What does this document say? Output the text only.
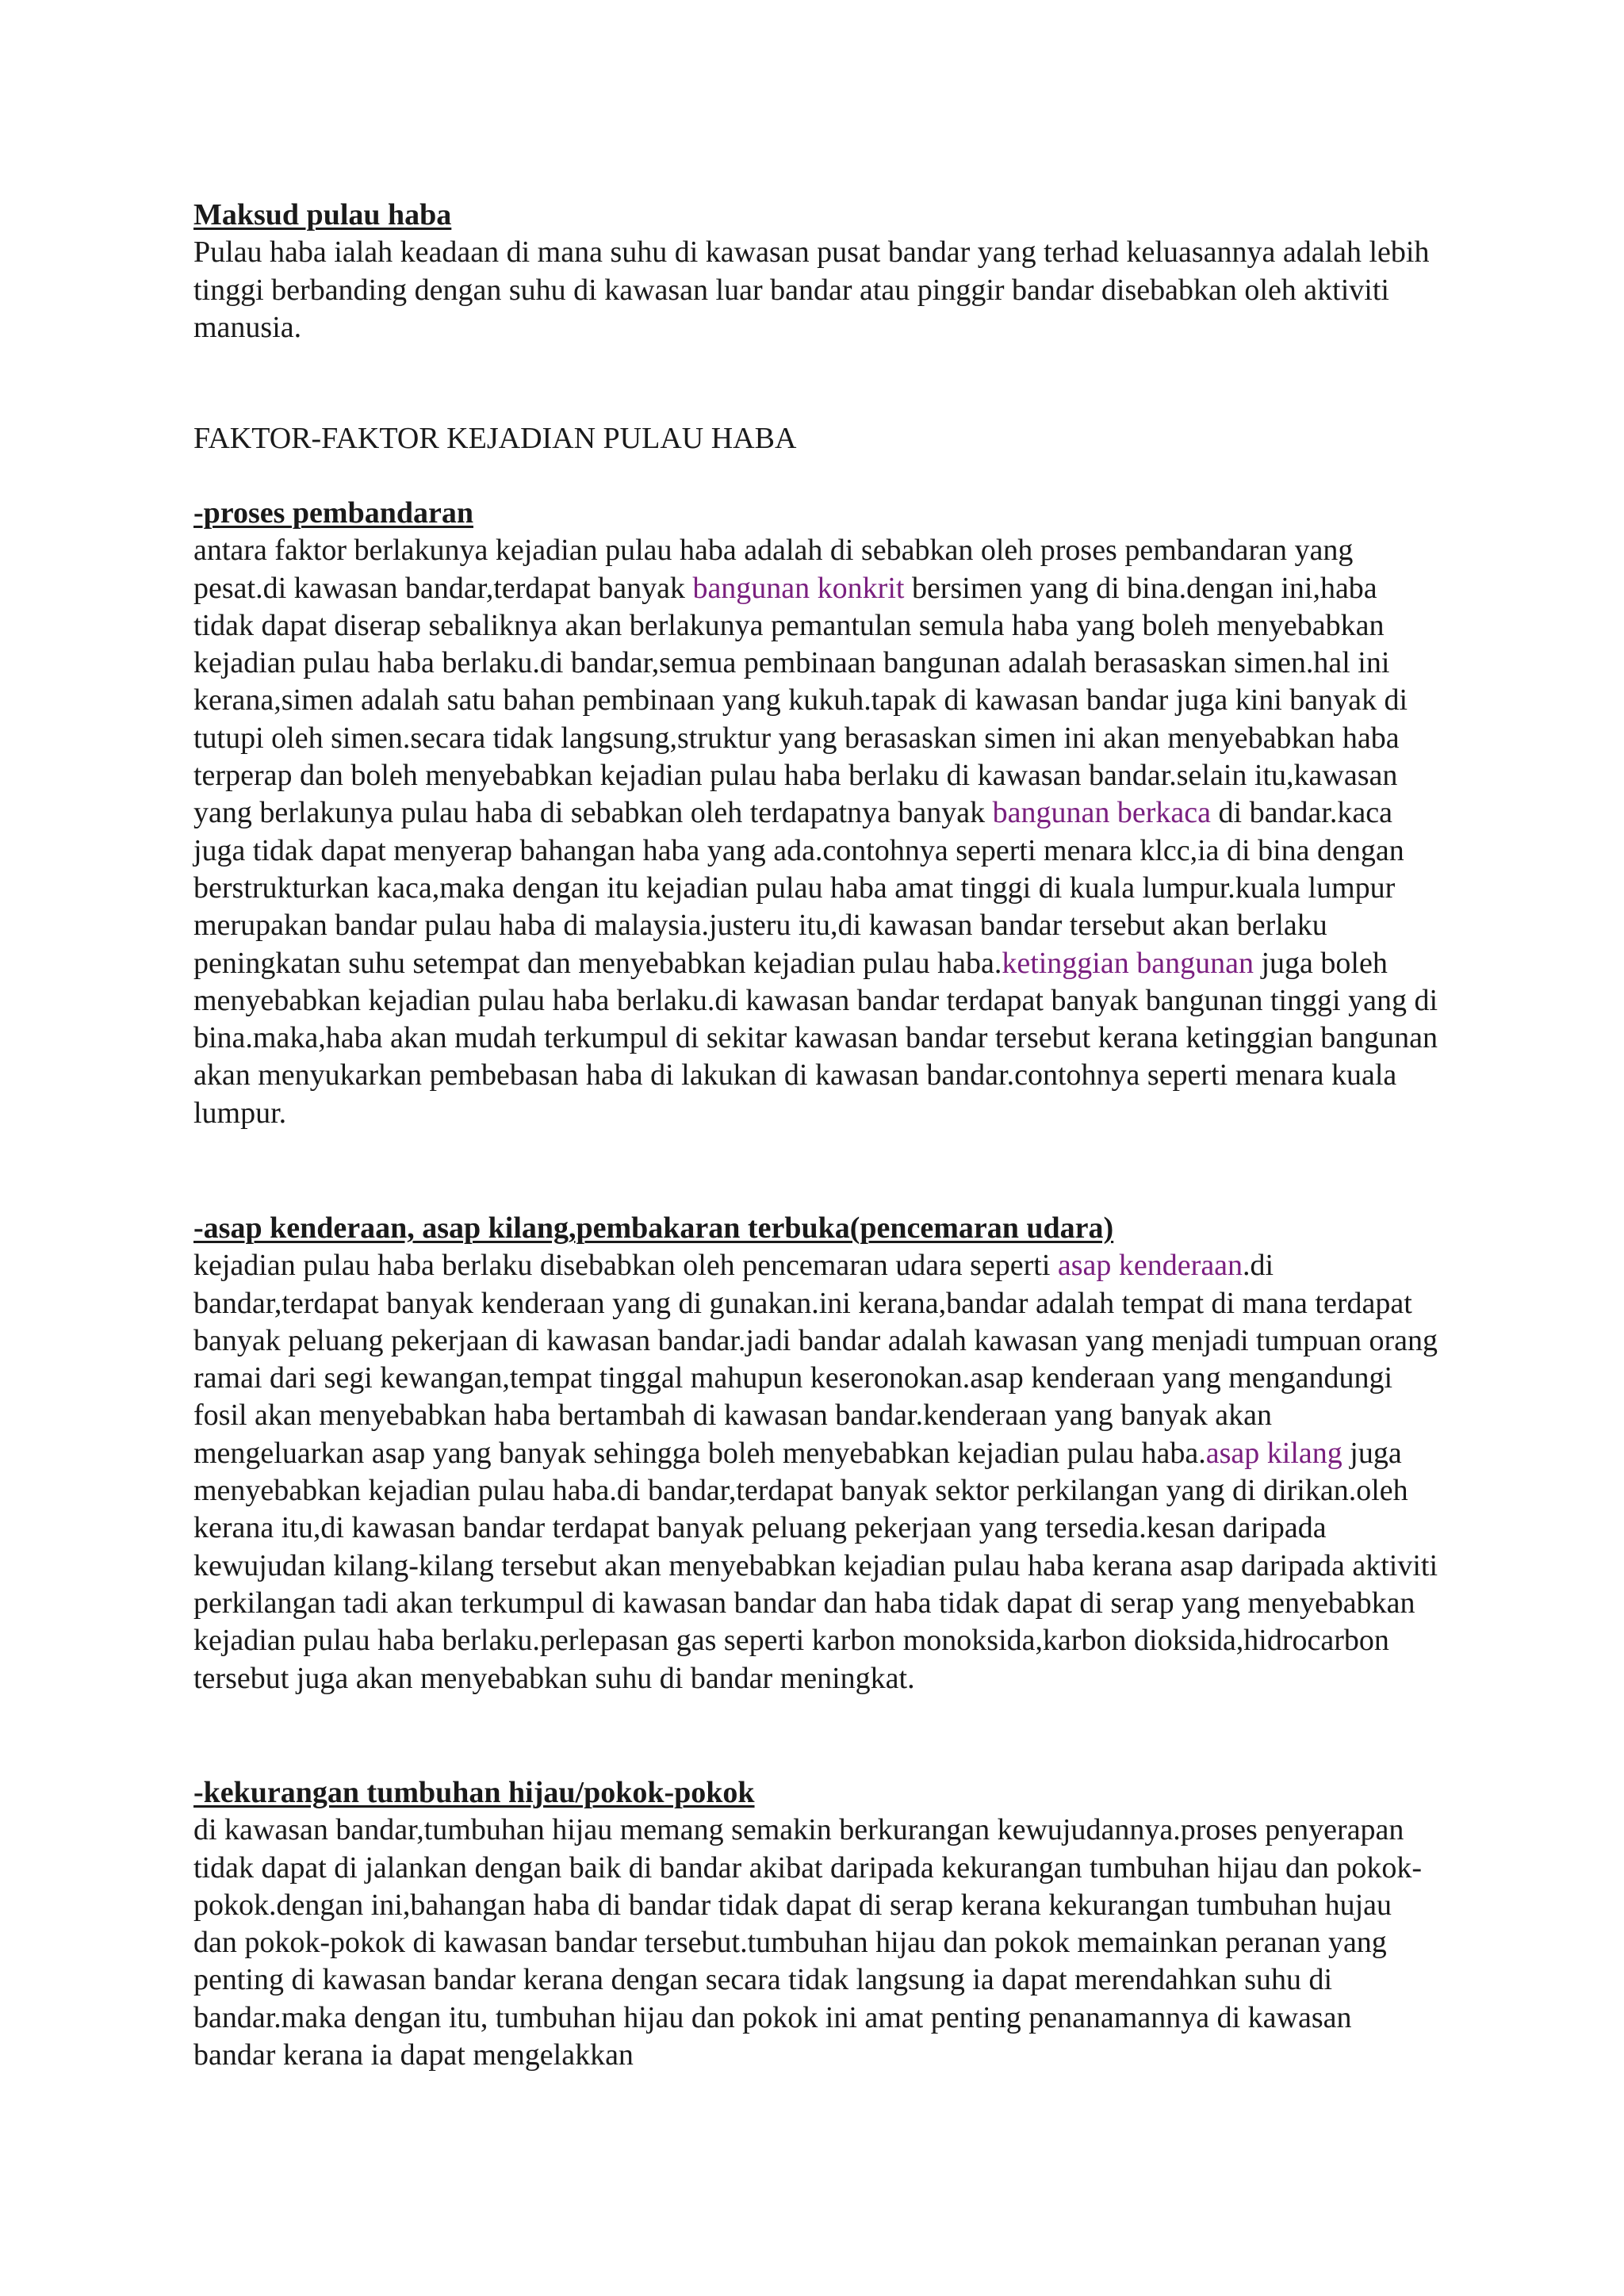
Maksud pulau haba
Pulau haba ialah keadaan di mana suhu di kawasan pusat bandar yang terhad keluasannya adalah lebih tinggi berbanding dengan suhu di kawasan luar bandar atau pinggir bandar disebabkan oleh aktiviti manusia.
FAKTOR-FAKTOR KEJADIAN PULAU HABA
-proses pembandaran
antara faktor berlakunya kejadian pulau haba adalah di sebabkan oleh proses pembandaran yang pesat.di kawasan bandar,terdapat banyak bangunan konkrit bersimen yang di bina.dengan ini,haba tidak dapat diserap sebaliknya akan berlakunya pemantulan semula haba yang boleh menyebabkan kejadian pulau haba berlaku.di bandar,semua pembinaan bangunan adalah berasaskan simen.hal ini kerana,simen adalah satu bahan pembinaan yang kukuh.tapak di kawasan bandar juga kini banyak di tutupi oleh simen.secara tidak langsung,struktur yang berasaskan simen ini akan menyebabkan haba terperap dan boleh menyebabkan kejadian pulau haba berlaku di kawasan bandar.selain itu,kawasan yang berlakunya pulau haba di sebabkan oleh terdapatnya banyak bangunan berkaca di bandar.kaca juga tidak dapat menyerap bahangan haba yang ada.contohnya seperti menara klcc,ia di bina dengan berstrukturkan kaca,maka dengan itu kejadian pulau haba amat tinggi di kuala lumpur.kuala lumpur merupakan bandar pulau haba di malaysia.justeru itu,di kawasan bandar tersebut akan berlaku peningkatan suhu setempat dan menyebabkan kejadian pulau haba.ketinggian bangunan juga boleh menyebabkan kejadian pulau haba berlaku.di kawasan bandar terdapat banyak bangunan tinggi yang di bina.maka,haba akan mudah terkumpul di sekitar kawasan bandar tersebut kerana ketinggian bangunan akan menyukarkan pembebasan haba di lakukan di kawasan bandar.contohnya seperti menara kuala lumpur.
-asap kenderaan, asap kilang,pembakaran terbuka(pencemaran udara)
kejadian pulau haba berlaku disebabkan oleh pencemaran udara seperti asap kenderaan.di bandar,terdapat banyak kenderaan yang di gunakan.ini kerana,bandar adalah tempat di mana terdapat banyak peluang pekerjaan di kawasan bandar.jadi bandar adalah kawasan yang menjadi tumpuan orang ramai dari segi kewangan,tempat tinggal mahupun keseronokan.asap kenderaan yang mengandungi fosil akan menyebabkan haba bertambah di kawasan bandar.kenderaan yang banyak akan mengeluarkan asap yang banyak sehingga boleh menyebabkan kejadian pulau haba.asap kilang juga menyebabkan kejadian pulau haba.di bandar,terdapat banyak sektor perkilangan yang di dirikan.oleh kerana itu,di kawasan bandar terdapat banyak peluang pekerjaan yang tersedia.kesan daripada kewujudan kilang-kilang tersebut akan menyebabkan kejadian pulau haba kerana asap daripada aktiviti perkilangan tadi akan terkumpul di kawasan bandar dan haba tidak dapat di serap yang menyebabkan kejadian pulau haba berlaku.perlepasan gas seperti karbon monoksida,karbon dioksida,hidrocarbon tersebut juga akan menyebabkan suhu di bandar meningkat.
-kekurangan tumbuhan hijau/pokok-pokok
di kawasan bandar,tumbuhan hijau memang semakin berkurangan kewujudannya.proses penyerapan tidak dapat di jalankan dengan baik di bandar akibat daripada kekurangan tumbuhan hijau dan pokok-pokok.dengan ini,bahangan haba di bandar tidak dapat di serap kerana kekurangan tumbuhan hujau dan pokok-pokok di kawasan bandar tersebut.tumbuhan hijau dan pokok memainkan peranan yang penting di kawasan bandar kerana dengan secara tidak langsung ia dapat merendahkan suhu di bandar.maka dengan itu, tumbuhan hijau dan pokok ini amat penting penanamannya di kawasan bandar kerana ia dapat mengelakkan
